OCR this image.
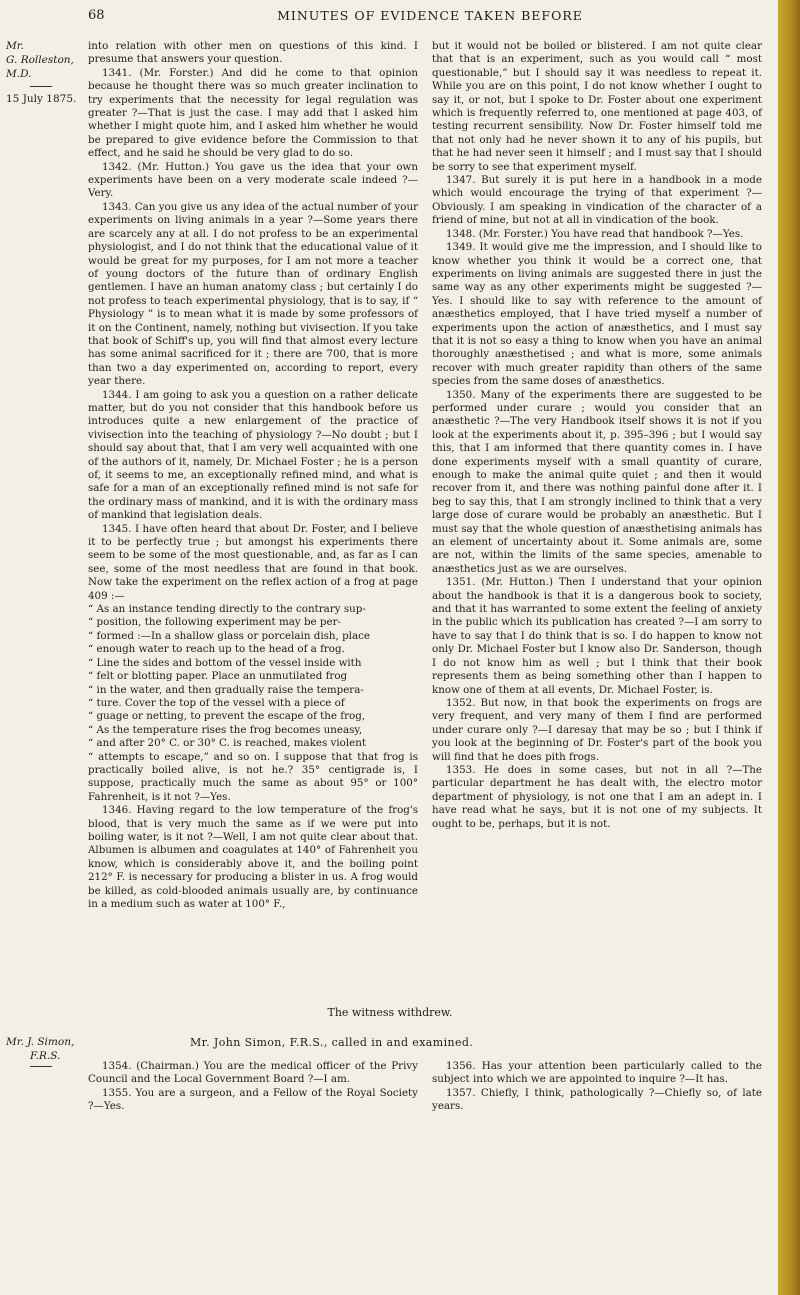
68	MINUTES OF EVIDENCE TAKEN BEFORE
Mr.
G. Rolleston,
M.D.
15 July 1875.

into relation with other men on questions of this kind. I presume that answers your question.

1341. (Mr. Forster.) And did he come to that opinion because he thought there was so much greater inclination to try experiments that the necessity for legal regulation was greater ?—That is just the case. I may add that I asked him whether I might quote him, and I asked him whether he would be prepared to give evidence before the Commission to that effect, and he said he should be very glad to do so.

1342. (Mr. Hutton.) You gave us the idea that your own experiments have been on a very moderate scale indeed ?—Very.

1343. Can you give us any idea of the actual number of your experiments on living animals in a year ?—Some years there are scarcely any at all. I do not profess to be an experimental physiologist, and I do not think that the educational value of it would be great for my purposes, for I am not more a teacher of young doctors of the future than of ordinary English gentlemen. I have an human anatomy class ; but certainly I do not profess to teach experimental physiology, that is to say, if “ Physiology ” is to mean what it is made by some professors of it on the Continent, namely, nothing but vivisection. If you take that book of Schiff's up, you will find that almost every lecture has some animal sacrificed for it ; there are 700, that is more than two a day experimented on, according to report, every year there.

1344. I am going to ask you a question on a rather delicate matter, but do you not consider that this handbook before us introduces quite a new enlargement of the practice of vivisection into the teaching of physiology ?—No doubt ; but I should say about that, that I am very well acquainted with one of the authors of it, namely, Dr. Michael Foster ; he is a person of, it seems to me, an exceptionally refined mind, and what is safe for a man of an exceptionally refined mind is not safe for the ordinary mass of mankind, and it is with the ordinary mass of mankind that legislation deals.

1345. I have often heard that about Dr. Foster, and I believe it to be perfectly true ; but amongst his experiments there seem to be some of the most questionable, and, as far as I can see, some of the most needless that are found in that book. Now take the experiment on the reflex action of a frog at page 409 :—

“ As an instance tending directly to the contrary sup-
“ position, the following experiment may be per-
“ formed :—In a shallow glass or porcelain dish, place
“ enough water to reach up to the head of a frog.
“ Line the sides and bottom of the vessel inside with
“ felt or blotting paper. Place an unmutilated frog
“ in the water, and then gradually raise the tempera-
“ ture. Cover the top of the vessel with a piece of
“ guage or netting, to prevent the escape of the frog,
“ As the temperature rises the frog becomes uneasy,
“ and after 20° C. or 30° C. is reached, makes violent

“ attempts to escape,” and so on. I suppose that that frog is practically boiled alive, is not he.? 35° centigrade is, I suppose, practically much the same as about 95° or 100° Fahrenheit, is it not ?—Yes.

1346. Having regard to the low temperature of the frog's blood, that is very much the same as if we were put into boiling water, is it not ?—Well, I am not quite clear about that. Albumen is albumen and coagulates at 140° of Fahrenheit you know, which is considerably above it, and the boiling point 212° F. is necessary for producing a blister in us. A frog would be killed, as cold-blooded animals usually are, by continuance in a medium such as water at 100° F.,

but it would not be boiled or blistered. I am not quite clear that that is an experiment, such as you would call “ most questionable,” but I should say it was needless to repeat it. While you are on this point, I do not know whether I ought to say it, or not, but I spoke to Dr. Foster about one experiment which is frequently referred to, one mentioned at page 403, of testing recurrent sensibility. Now Dr. Foster himself told me that not only had he never shown it to any of his pupils, but that he had never seen it himself ; and I must say that I should be sorry to see that experiment myself.

1347. But surely it is put here in a handbook in a mode which would encourage the trying of that experiment ?—Obviously. I am speaking in vindication of the character of a friend of mine, but not at all in vindication of the book.

1348. (Mr. Forster.) You have read that handbook ?—Yes.

1349. It would give me the impression, and I should like to know whether you think it would be a correct one, that experiments on living animals are suggested there in just the same way as any other experiments might be suggested ?—Yes. I should like to say with reference to the amount of anæsthetics employed, that I have tried myself a number of experiments upon the action of anæsthetics, and I must say that it is not so easy a thing to know when you have an animal thoroughly anæsthetised ; and what is more, some animals recover with much greater rapidity than others of the same species from the same doses of anæsthetics.

1350. Many of the experiments there are suggested to be performed under curare ; would you consider that an anæsthetic ?—The very Handbook itself shows it is not if you look at the experiments about it, p. 395–396 ; but I would say this, that I am informed that there quantity comes in. I have done experiments myself with a small quantity of curare, enough to make the animal quite quiet ; and then it would recover from it, and there was nothing painful done after it. I beg to say this, that I am strongly inclined to think that a very large dose of curare would be probably an anæsthetic. But I must say that the whole question of anæsthetising animals has an element of uncertainty about it. Some animals are, some are not, within the limits of the same species, amenable to anæsthetics just as we are ourselves.

1351. (Mr. Hutton.) Then I understand that your opinion about the handbook is that it is a dangerous book to society, and that it has warranted to some extent the feeling of anxiety in the public which its publication has created ?—I am sorry to have to say that I do think that is so. I do happen to know not only Dr. Michael Foster but I know also Dr. Sanderson, though I do not know him as well ; but I think that their book represents them as being something other than I happen to know one of them at all events, Dr. Michael Foster, is.

1352. But now, in that book the experiments on frogs are very frequent, and very many of them I find are performed under curare only ?—I daresay that may be so ; but I think if you look at the beginning of Dr. Foster's part of the book you will find that he does pith frogs.

1353. He does in some cases, but not in all ?—The particular department he has dealt with, the electro motor department of physiology, is not one that I am an adept in. I have read what he says, but it is not one of my subjects. It ought to be, perhaps, but it is not.

The witness withdrew.
Mr. J. Simon,
F.R.S.
Mr. John Simon, F.R.S., called in and examined.

1354. (Chairman.) You are the medical officer of the Privy Council and the Local Government Board ?—I am.

1355. You are a surgeon, and a Fellow of the Royal Society ?—Yes.

1356. Has your attention been particularly called to the subject into which we are appointed to inquire ?—It has.

1357. Chiefly, I think, pathologically ?—Chiefly so, of late years.
